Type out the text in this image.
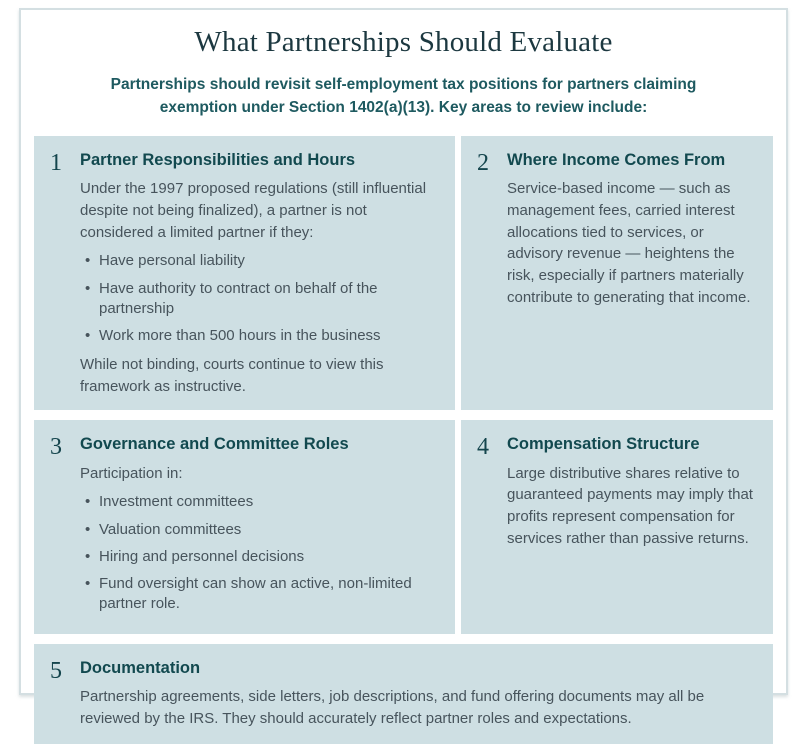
What Partnerships Should Evaluate

Partnerships should revisit self-employment tax positions for partners claiming exemption under Section 1402(a)(13). Key areas to review include:

1	Partner Responsibilities and Hours

Under the 1997 proposed regulations (still influential despite not being finalized), a partner is not considered a limited partner if they:

• Have personal liability
• Have authority to contract on behalf of the partnership
• Work more than 500 hours in the business

While not binding, courts continue to view this framework as instructive.

2	Where Income Comes From

Service-based income — such as management fees, carried interest allocations tied to services, or advisory revenue — heightens the risk, especially if partners materially contribute to generating that income.

3	Governance and Committee Roles

Participation in:

• Investment committees
• Valuation committees
• Hiring and personnel decisions
• Fund oversight can show an active, non-limited partner role.
4	Compensation Structure

Large distributive shares relative to guaranteed payments may imply that profits represent compensation for services rather than passive returns.

5	Documentation

Partnership agreements, side letters, job descriptions, and fund offering documents may all be reviewed by the IRS. They should accurately reflect partner roles and expectations.
